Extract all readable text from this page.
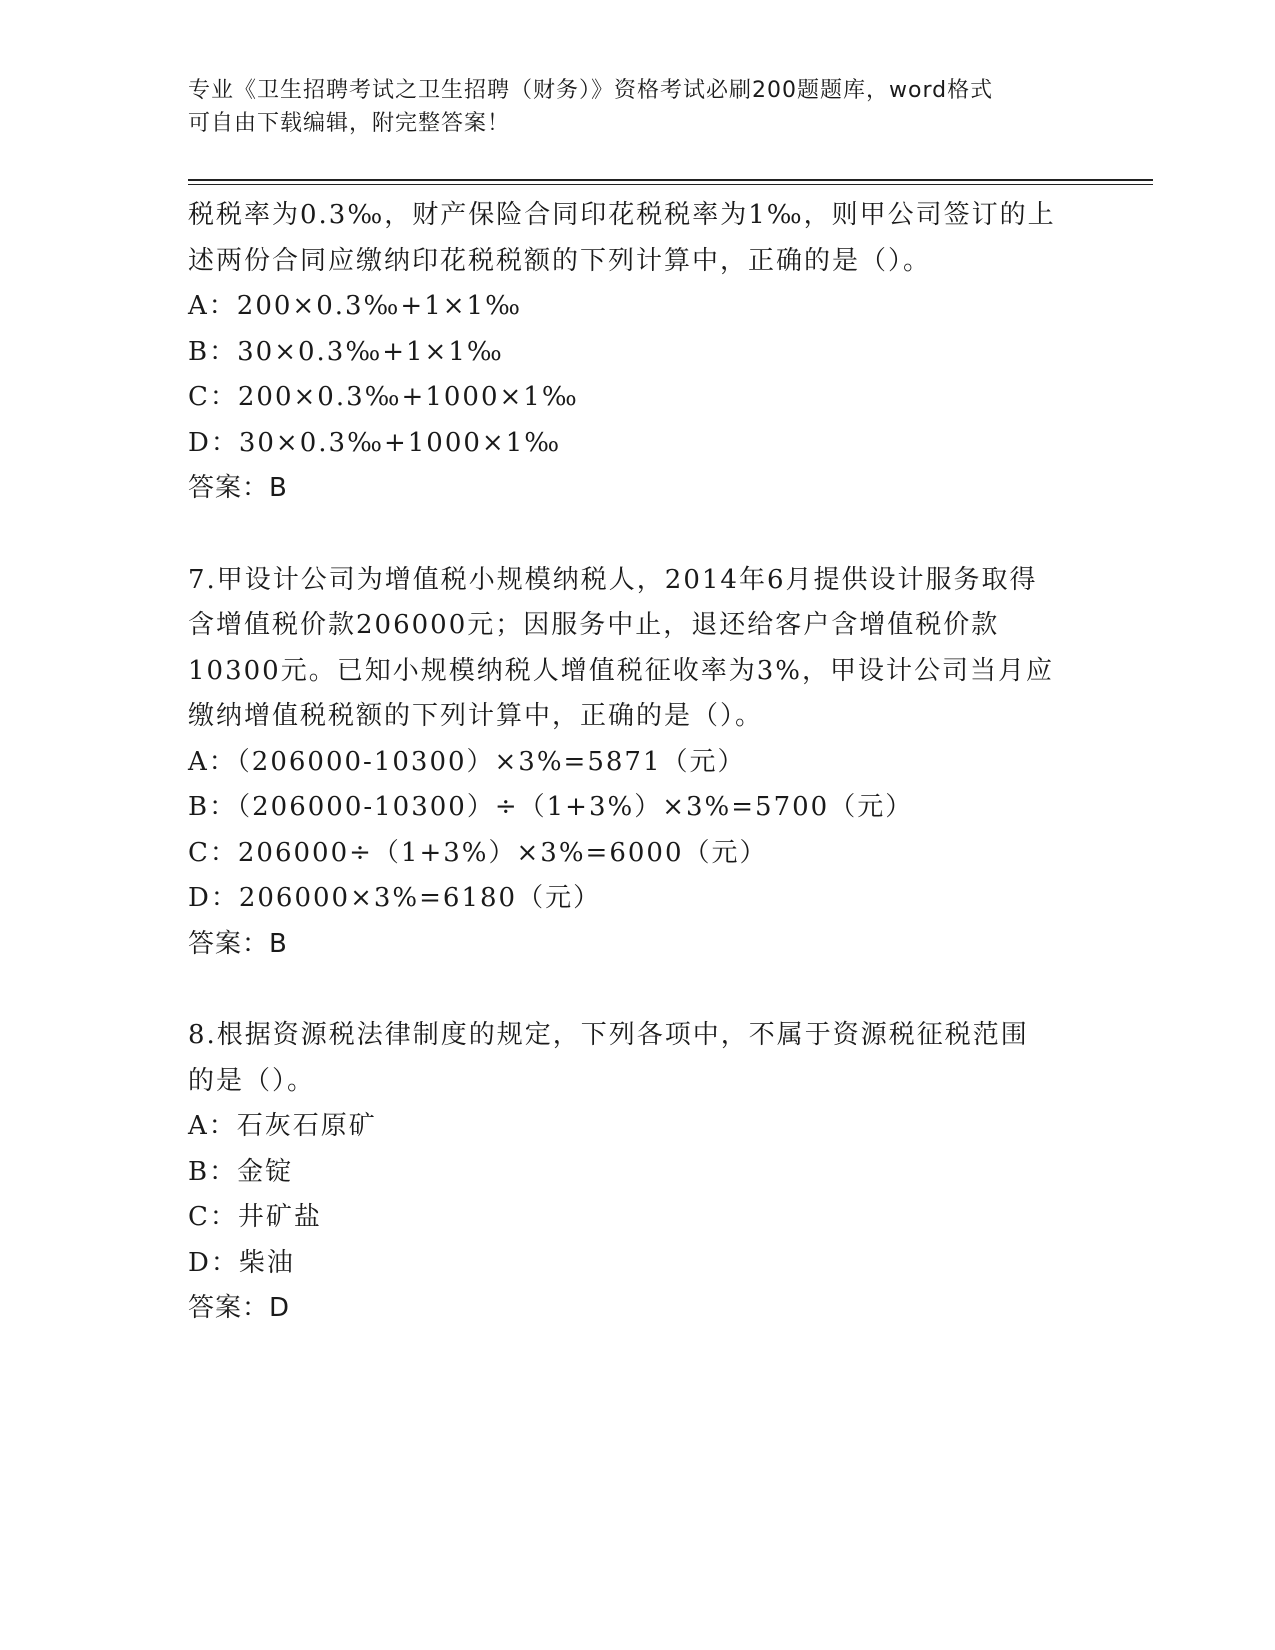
专业《卫生招聘考试之卫生招聘（财务）》资格考试必刷200题题库，word格式
可自由下载编辑，附完整答案！

税税率为0.3‰，财产保险合同印花税税率为1‰，则甲公司签订的上

述两份合同应缴纳印花税税额的下列计算中，正确的是（）。

A：200×0.3‰+1×1‰

B：30×0.3‰+1×1‰

C：200×0.3‰+1000×1‰

D：30×0.3‰+1000×1‰

答案：B

7.甲设计公司为增值税小规模纳税人，2014年6月提供设计服务取得

含增值税价款206000元；因服务中止，退还给客户含增值税价款

10300元。已知小规模纳税人增值税征收率为3%，甲设计公司当月应

缴纳增值税税额的下列计算中，正确的是（）。

A：（206000-10300）×3%=5871（元）

B：（206000-10300）÷（1+3%）×3%=5700（元）

C：206000÷（1+3%）×3%=6000（元）

D：206000×3%=6180（元）

答案：B

8.根据资源税法律制度的规定，下列各项中，不属于资源税征税范围

的是（）。

A：石灰石原矿

B：金锭

C：井矿盐

D：柴油

答案：D
